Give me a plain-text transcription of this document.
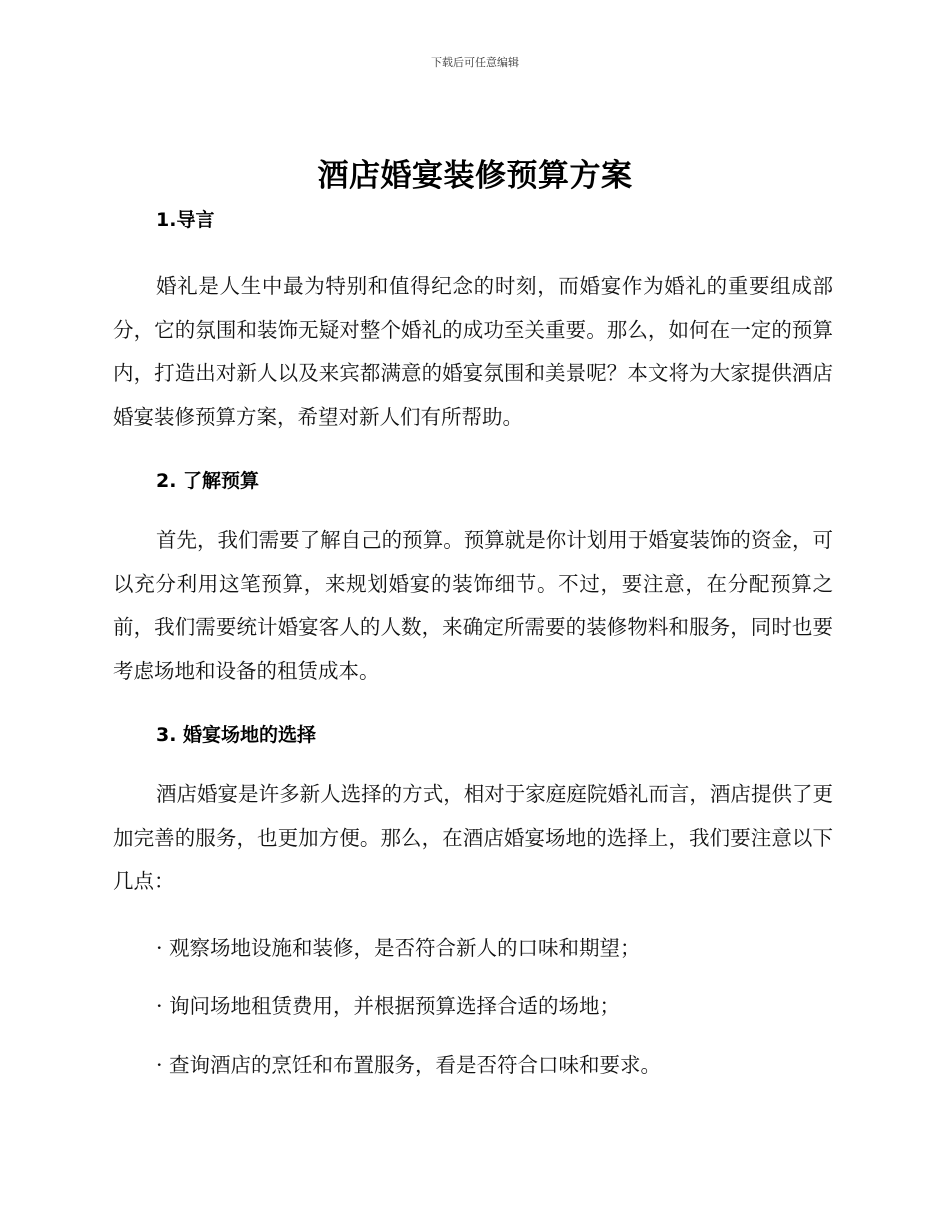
下载后可任意编辑
酒店婚宴装修预算方案
1.导言

婚礼是人生中最为特别和值得纪念的时刻，而婚宴作为婚礼的重要组成部分，它的氛围和装饰无疑对整个婚礼的成功至关重要。那么，如何在一定的预算内，打造出对新人以及来宾都满意的婚宴氛围和美景呢？本文将为大家提供酒店婚宴装修预算方案，希望对新人们有所帮助。

2. 了解预算

首先，我们需要了解自己的预算。预算就是你计划用于婚宴装饰的资金，可以充分利用这笔预算，来规划婚宴的装饰细节。不过，要注意，在分配预算之前，我们需要统计婚宴客人的人数，来确定所需要的装修物料和服务，同时也要考虑场地和设备的租赁成本。

3. 婚宴场地的选择

酒店婚宴是许多新人选择的方式，相对于家庭庭院婚礼而言，酒店提供了更加完善的服务，也更加方便。那么，在酒店婚宴场地的选择上，我们要注意以下几点：

· 观察场地设施和装修，是否符合新人的口味和期望；

· 询问场地租赁费用，并根据预算选择合适的场地；

· 查询酒店的烹饪和布置服务，看是否符合口味和要求。
